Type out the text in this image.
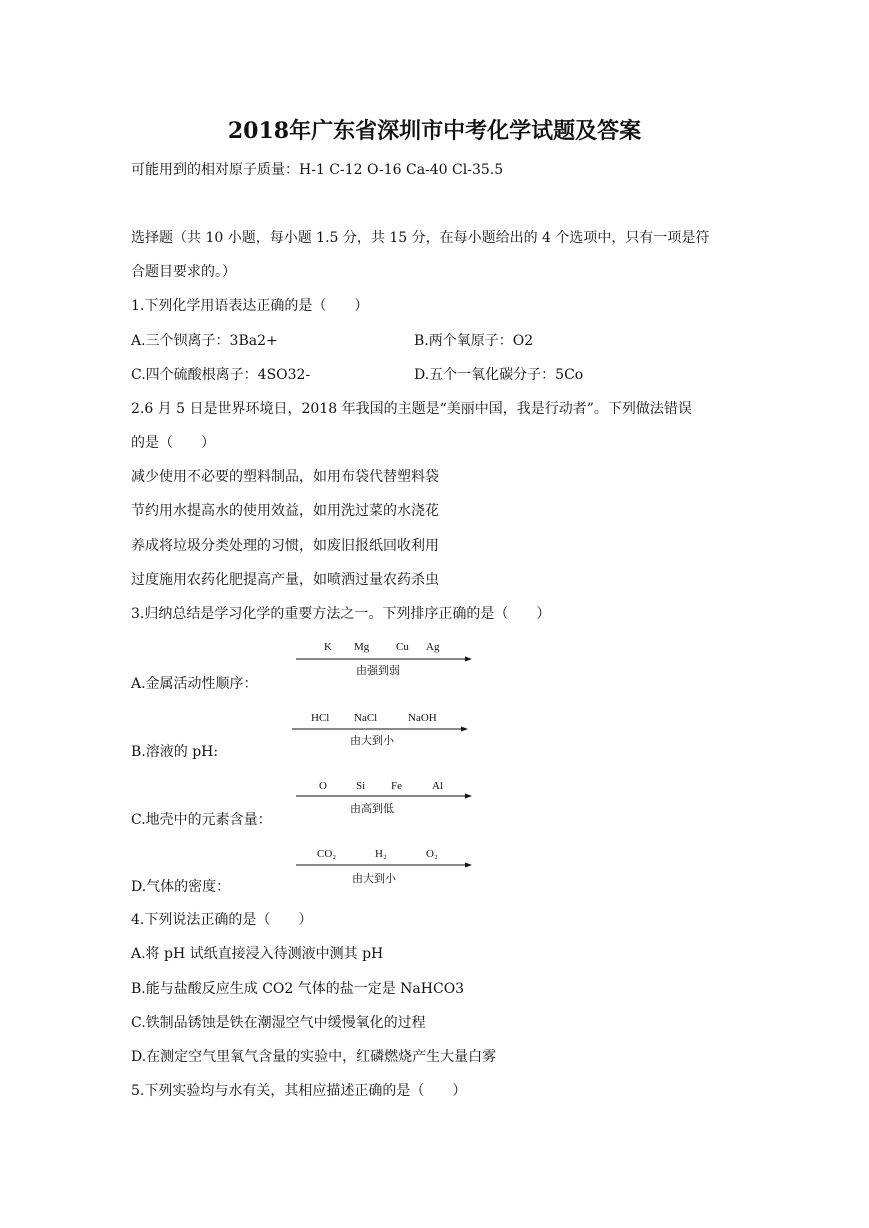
2018年广东省深圳市中考化学试题及答案
可能用到的相对原子质量：H-1 C-12 O-16 Ca-40 Cl-35.5
选择题（共 10 小题，每小题 1.5 分，共 15 分，在每小题给出的 4 个选项中，只有一项是符
合题目要求的。）
1.下列化学用语表达正确的是（　　）
A.三个钡离子：3Ba2+	B.两个氧原子：O2
C.四个硫酸根离子：4SO32-	D.五个一氧化碳分子：5Co
2.6 月 5 日是世界环境日，2018 年我国的主题是“美丽中国，我是行动者”。下列做法错误
的是（　　）
减少使用不必要的塑料制品，如用布袋代替塑料袋
节约用水提高水的使用效益，如用洗过菜的水浇花
养成将垃圾分类处理的习惯，如废旧报纸回收利用
过度施用农药化肥提高产量，如喷洒过量农药杀虫
3.归纳总结是学习化学的重要方法之一。下列排序正确的是（　　）
K Mg Cu Ag
由强到弱
A.金属活动性顺序：
HCl NaCl	NaOH
由大到小
B.溶液的 pH:
O	Si Fe	Al
由高到低
C.地壳中的元素含量：
CO₂	H₂	O₂
由大到小
D.气体的密度：
4.下列说法正确的是（　　）
A.将 pH 试纸直接浸入待测液中测其 pH
B.能与盐酸反应生成 CO2 气体的盐一定是 NaHCO3
C.铁制品锈蚀是铁在潮湿空气中缓慢氧化的过程
D.在测定空气里氧气含量的实验中，红磷燃烧产生大量白雾
5.下列实验均与水有关，其相应描述正确的是（　　）
